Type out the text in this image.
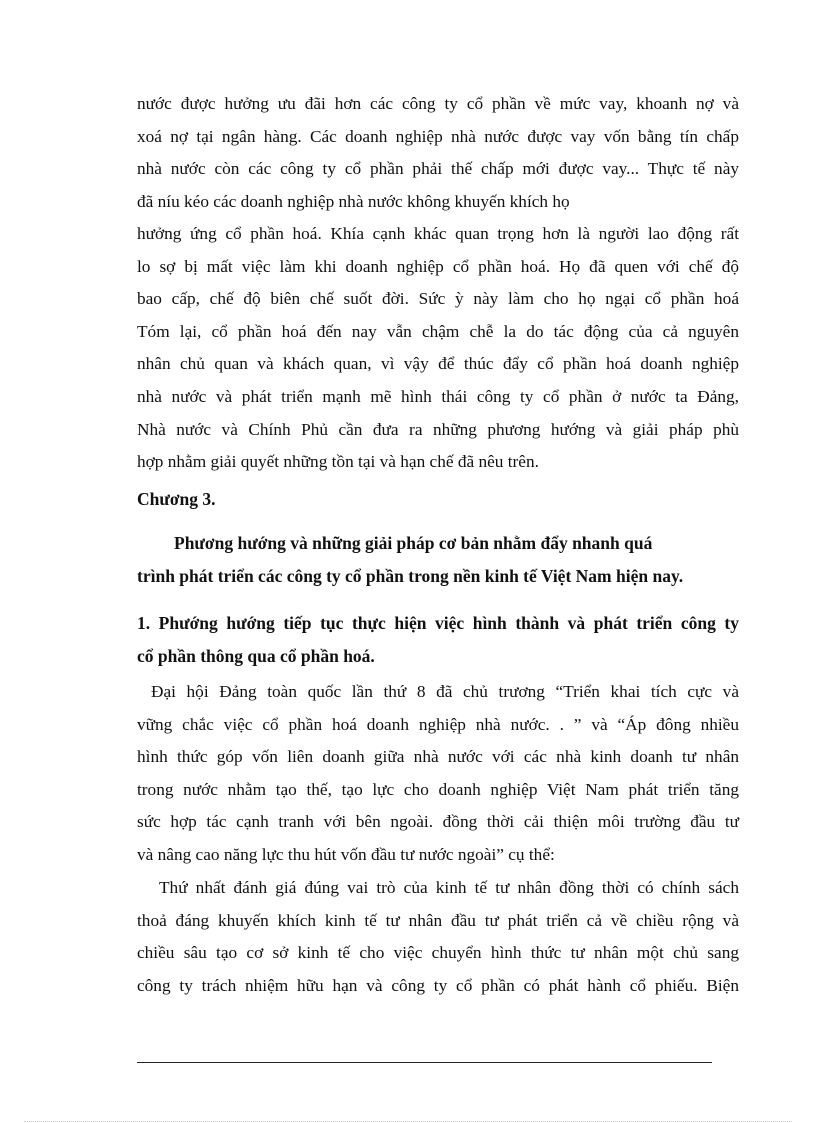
nước được hưởng ưu đãi hơn các công ty cổ phần về mức vay, khoanh nợ và
xoá nợ tại ngân hàng. Các doanh nghiệp nhà nước được vay vốn bằng tín chấp
nhà nước còn các công ty cổ phần phải thế chấp mới được vay... Thực tế này
đã níu kéo các doanh nghiệp nhà nước không khuyến khích họ
hưởng ứng cổ phần hoá. Khía cạnh khác quan trọng hơn là người lao động rất
lo sợ bị mất việc làm khi doanh nghiệp cổ phần hoá. Họ đã quen với chế độ
bao cấp, chế độ biên chế suốt đời. Sức ỳ này làm cho họ ngại cổ phần hoá
Tóm lại, cổ phần hoá đến nay vẫn chậm chễ la do tác động của cả nguyên
nhân chủ quan và khách quan, vì vậy để thúc đẩy cổ phần hoá doanh nghiệp
nhà nước và phát triển mạnh mẽ hình thái công ty cổ phần ở nước ta Đảng,
Nhà nước và Chính Phủ cần đưa ra những phương hướng và giải pháp phù
hợp nhằm giải quyết những tồn tại và hạn chế đã nêu trên.
Chương 3.
Phương hướng và những giải pháp cơ bản nhằm đẩy nhanh quá
trình phát triển các công ty cổ phần trong nền kinh tế Việt Nam hiện nay.
1. Phướng hướng tiếp tục thực hiện việc hình thành và phát triển công ty
cổ phần thông qua cổ phần hoá.
Đại hội Đảng toàn quốc lần thứ 8 đã chủ trương “Triển khai tích cực và
vững chắc việc cổ phần hoá doanh nghiệp nhà nước. . ” và “Áp đông nhiều
hình thức góp vốn liên doanh giữa nhà nước với các nhà kinh doanh tư nhân
trong nước nhằm tạo thế, tạo lực cho doanh nghiệp Việt Nam phát triển tăng
sức hợp tác cạnh tranh với bên ngoài. đồng thời cải thiện môi trường đầu tư
và nâng cao năng lực thu hút vốn đầu tư nước ngoài” cụ thể:
Thứ nhất đánh giá đúng vai trò của kinh tế tư nhân đồng thời có chính sách
thoả đáng khuyến khích kinh tế tư nhân đầu tư phát triển cả về chiều rộng và
chiều sâu tạo cơ sở kinh tế cho việc chuyển hình thức tư nhân một chủ sang
công ty trách nhiệm hữu hạn và công ty cổ phần có phát hành cổ phiếu. Biện
